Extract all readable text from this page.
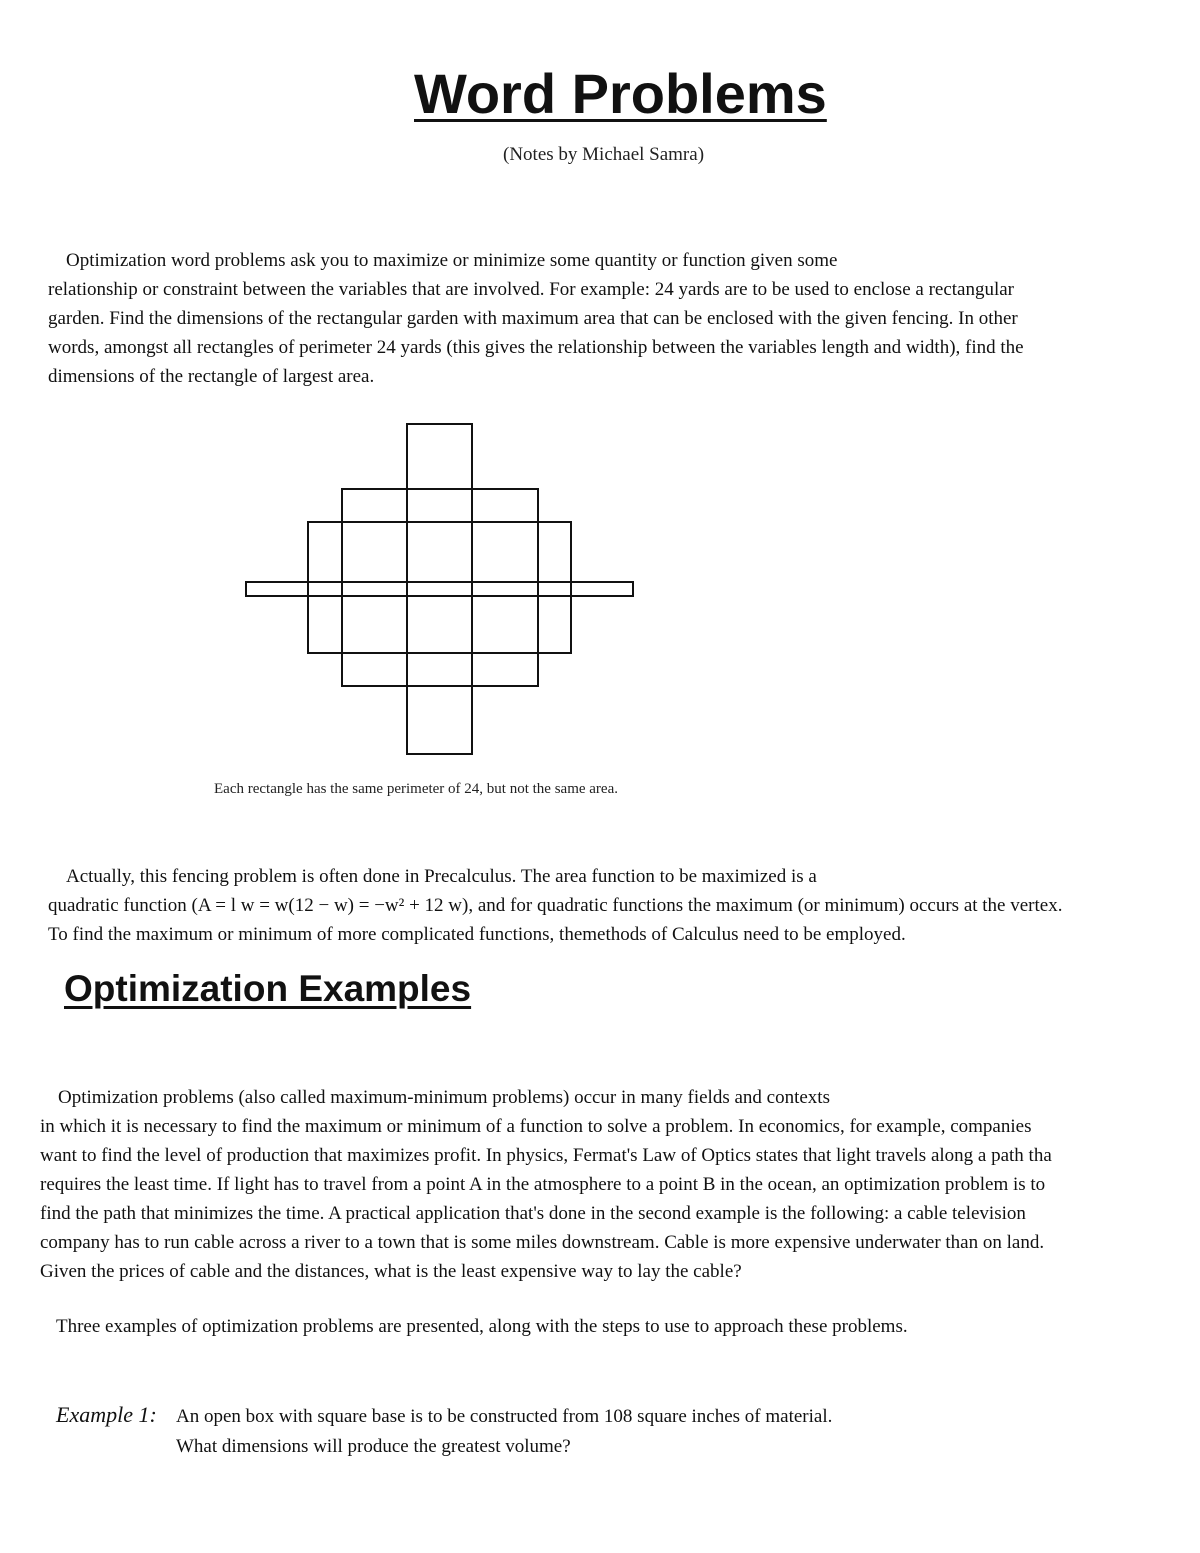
Word Problems
(Notes by Michael Samra)

Optimization word problems ask you to maximize or minimize some quantity or function given some
relationship or constraint between the variables that are involved. For example: 24 yards are to be used to enclose a rectangular
garden. Find the dimensions of the rectangular garden with maximum area that can be enclosed with the given fencing. In other
words, amongst all rectangles of perimeter 24 yards (this gives the relationship between the variables length and width), find the
dimensions of the rectangle of largest area.

Each rectangle has the same perimeter of 24, but not the same area.

Actually, this fencing problem is often done in Precalculus. The area function to be maximized is a
quadratic function (A = l w = w(12 − w) = −w² + 12 w), and for quadratic functions the maximum (or minimum) occurs at the vertex.
To find the maximum or minimum of more complicated functions, themethods of Calculus need to be employed.

Optimization Examples

Optimization problems (also called maximum-minimum problems) occur in many fields and contexts
in which it is necessary to find the maximum or minimum of a function to solve a problem. In economics, for example, companies
want to find the level of production that maximizes profit. In physics, Fermat's Law of Optics states that light travels along a path tha
requires the least time. If light has to travel from a point A in the atmosphere to a point B in the ocean, an optimization problem is to
find the path that minimizes the time. A practical application that's done in the second example is the following: a cable television
company has to run cable across a river to a town that is some miles downstream. Cable is more expensive underwater than on land.
Given the prices of cable and the distances, what is the least expensive way to lay the cable?

Three examples of optimization problems are presented, along with the steps to use to approach these problems.

Example 1: An open box with square base is to be constructed from 108 square inches of material.
What dimensions will produce the greatest volume?
